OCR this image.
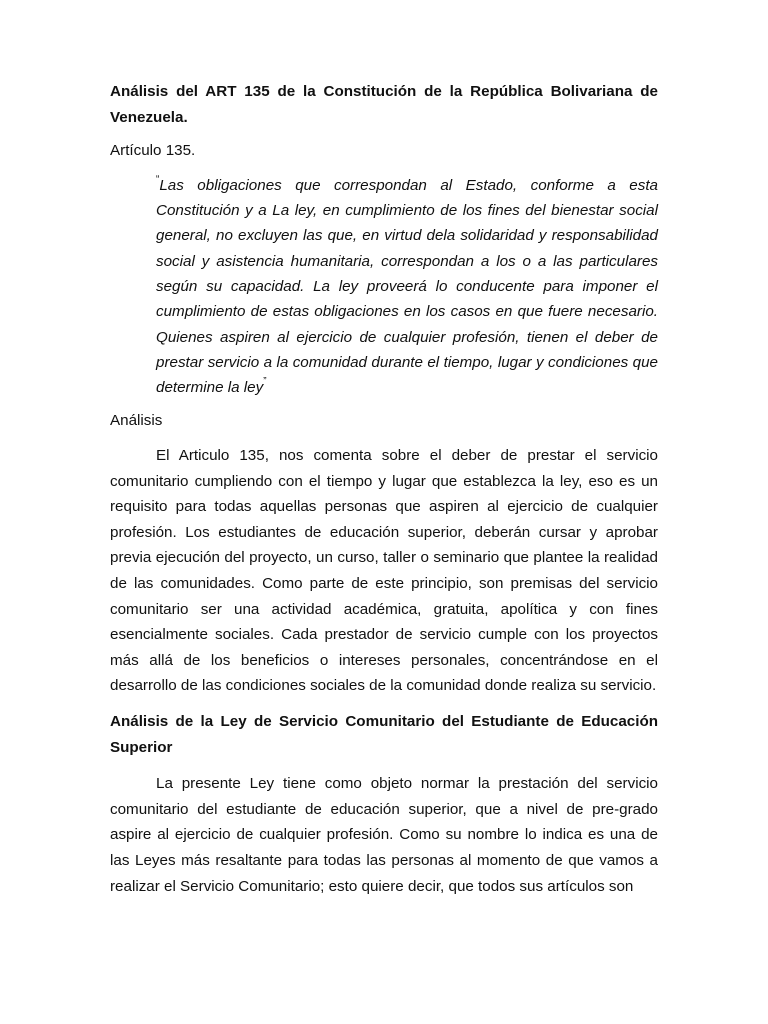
Análisis del ART 135 de la Constitución de la República Bolivariana de Venezuela.

Artículo 135.

“Las obligaciones que correspondan al Estado, conforme a esta Constitución y a La ley, en cumplimiento de los fines del bienestar social general, no excluyen las que, en virtud dela solidaridad y responsabilidad social y asistencia humanitaria, correspondan a los o a las particulares según su capacidad. La ley proveerá lo conducente para imponer el cumplimiento de estas obligaciones en los casos en que fuere necesario. Quienes aspiren al ejercicio de cualquier profesión, tienen el deber de prestar servicio a la comunidad durante el tiempo, lugar y condiciones que determine la ley”

Análisis

El Articulo 135, nos comenta sobre el deber de prestar el servicio comunitario cumpliendo con el tiempo y lugar que establezca la ley, eso es un requisito para todas aquellas personas que aspiren al ejercicio de cualquier profesión. Los estudiantes de educación superior, deberán cursar y aprobar previa ejecución del proyecto, un curso, taller o seminario que plantee la realidad de las comunidades. Como parte de este principio, son premisas del servicio comunitario ser una actividad académica, gratuita, apolítica y con fines esencialmente sociales. Cada prestador de servicio cumple con los proyectos más allá de los beneficios o intereses personales, concentrándose en el desarrollo de las condiciones sociales de la comunidad donde realiza su servicio.

Análisis de la Ley de Servicio Comunitario del Estudiante de Educación Superior

La presente Ley tiene como objeto normar la prestación del servicio comunitario del estudiante de educación superior, que a nivel de pre-grado aspire al ejercicio de cualquier profesión. Como su nombre lo indica es una de las Leyes más resaltante para todas las personas al momento de que vamos a realizar el Servicio Comunitario; esto quiere decir, que todos sus artículos son
